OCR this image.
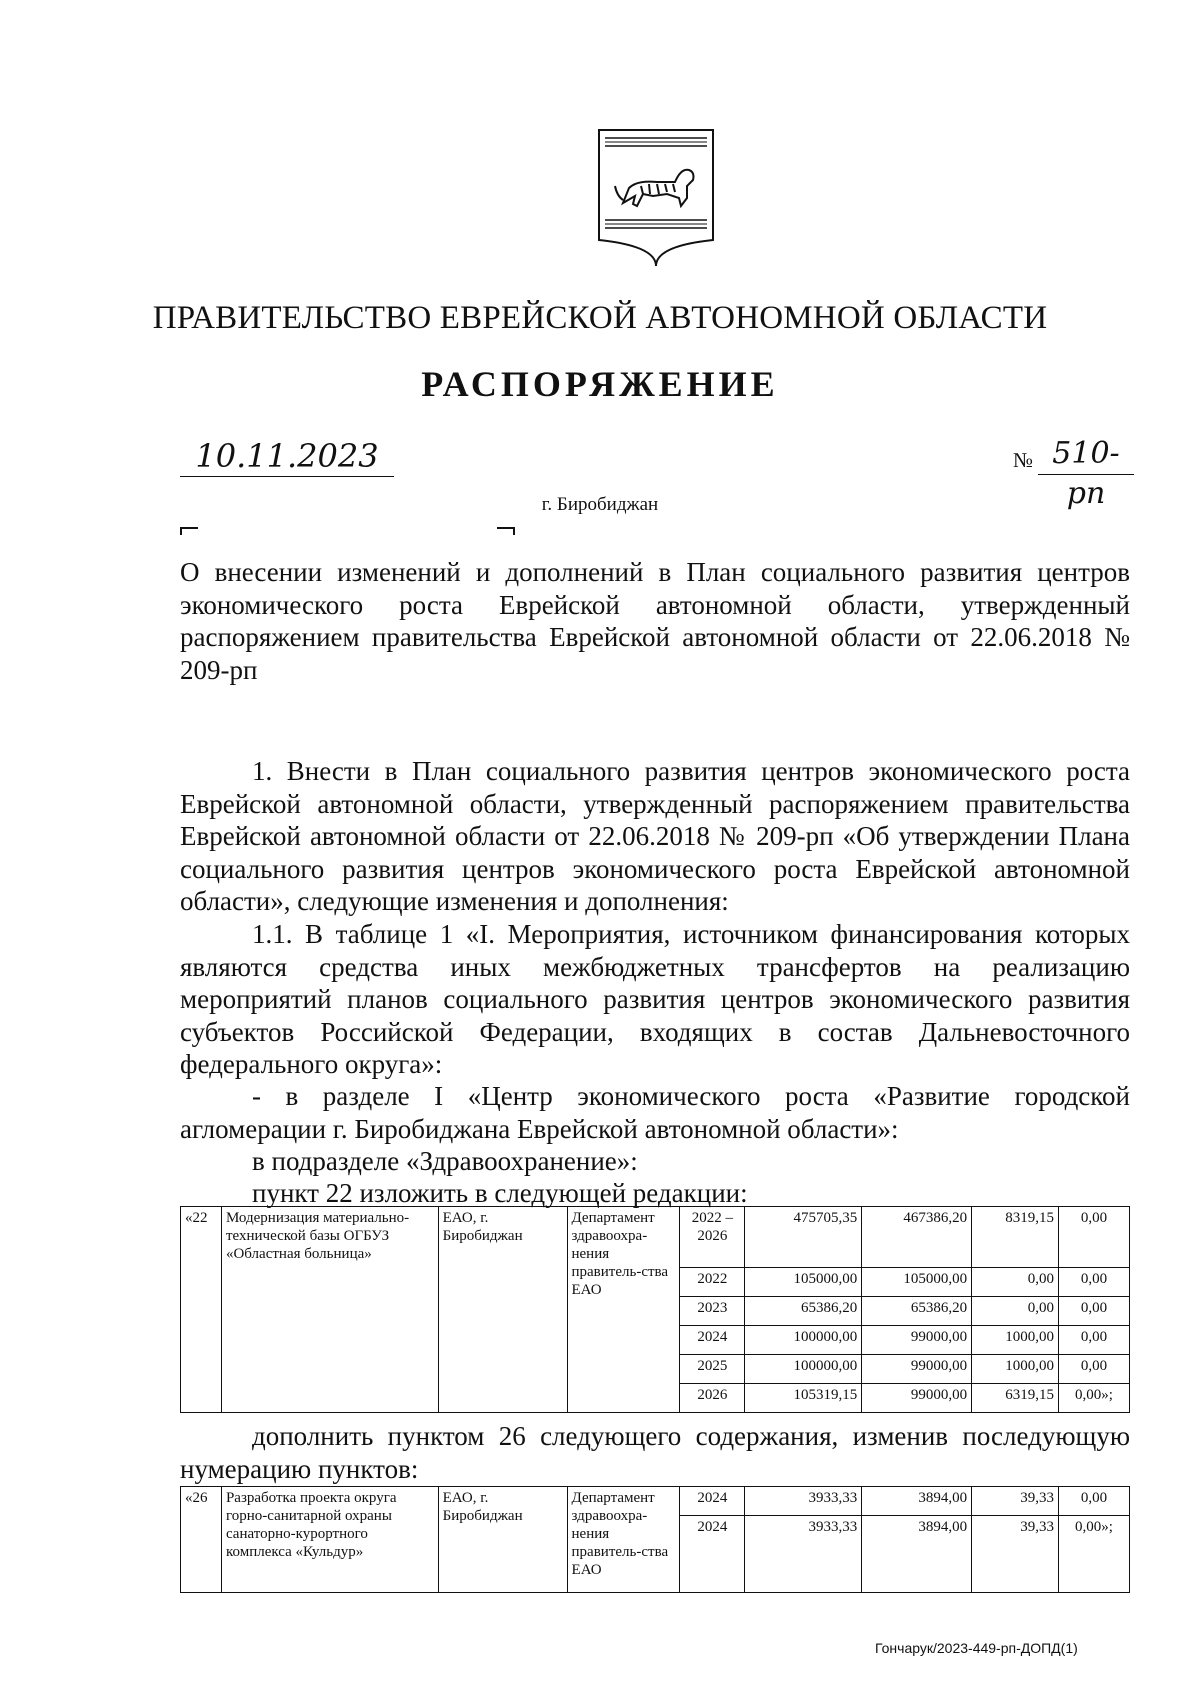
ПРАВИТЕЛЬСТВО ЕВРЕЙСКОЙ АВТОНОМНОЙ ОБЛАСТИ
РАСПОРЯЖЕНИЕ
10.11.2023	№ 510-рп
г. Биробиджан
О внесении изменений и дополнений в План социального развития центров экономического роста Еврейской автономной области, утвержденный распоряжением правительства Еврейской автономной области от 22.06.2018 № 209-рп
1. Внести в План социального развития центров экономического роста Еврейской автономной области, утвержденный распоряжением правительства Еврейской автономной области от 22.06.2018 № 209-рп «Об утверждении Плана социального развития центров экономического роста Еврейской автономной области», следующие изменения и дополнения:
1.1. В таблице 1 «I. Мероприятия, источником финансирования которых являются средства иных межбюджетных трансфертов на реализацию мероприятий планов социального развития центров экономического развития субъектов Российской Федерации, входящих в состав Дальневосточного федерального округа»:
- в разделе I «Центр экономического роста «Развитие городской агломерации г. Биробиджана Еврейской автономной области»:
в подразделе «Здравоохранение»:
пункт 22 изложить в следующей редакции:
«22	Модернизация материально-технической базы ОГБУЗ «Областная больница»	ЕАО, г. Биробиджан	Департамент здравоохра-нения правитель-ства ЕАО	2022 – 2026	475705,35	467386,20	8319,15	0,00
				2022	105000,00	105000,00	0,00	0,00
				2023	65386,20	65386,20	0,00	0,00
				2024	100000,00	99000,00	1000,00	0,00
				2025	100000,00	99000,00	1000,00	0,00
				2026	105319,15	99000,00	6319,15	0,00»;
дополнить пунктом 26 следующего содержания, изменив последующую нумерацию пунктов:
«26	Разработка проекта округа горно-санитарной охраны санаторно-курортного комплекса «Кульдур»	ЕАО, г. Биробиджан	Департамент здравоохра-нения правитель-ства ЕАО	2024	3933,33	3894,00	39,33	0,00
				2024	3933,33	3894,00	39,33	0,00»;
Гончарук/2023-449-рп-ДОПД(1)
